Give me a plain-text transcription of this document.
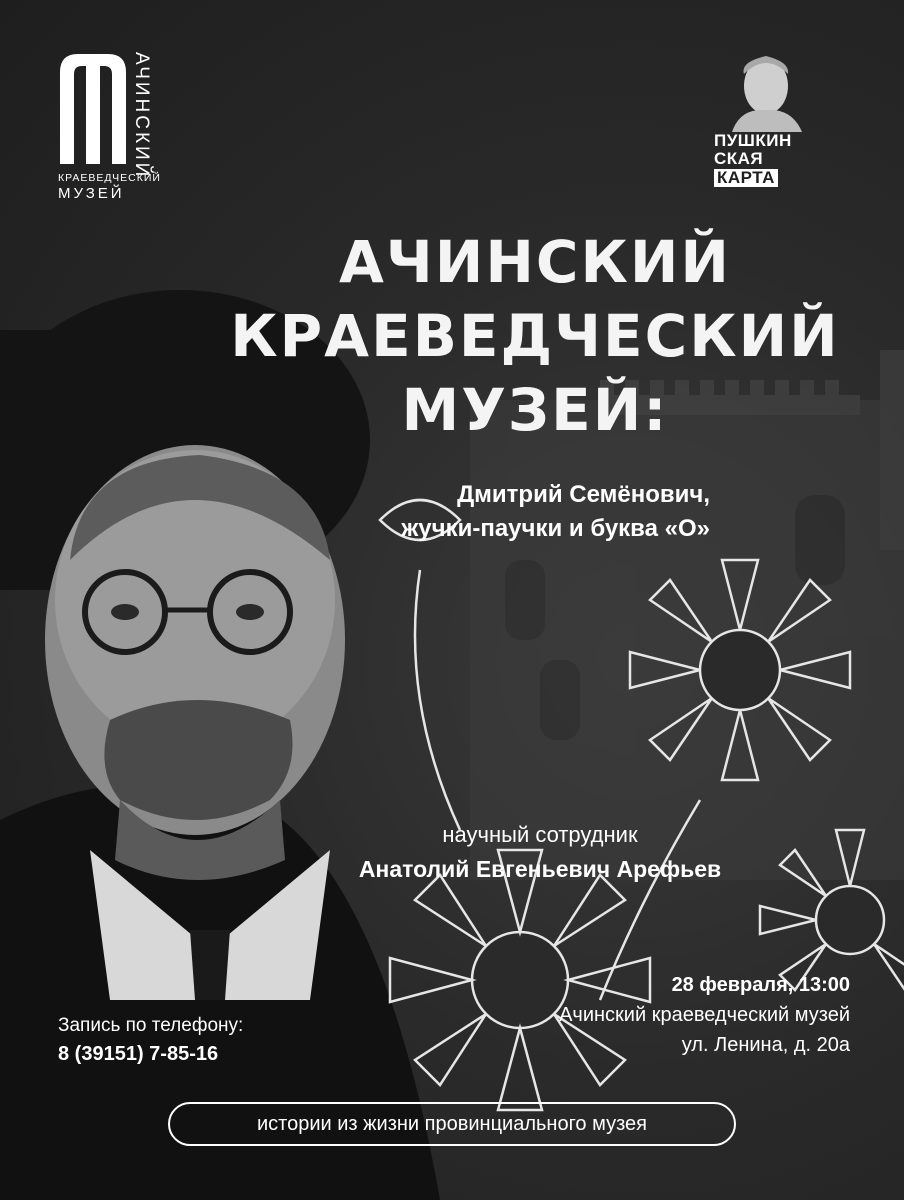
АЧИНСКИЙ
КРАЕВЕДЧЕСКИЙ
МУЗЕЙ
ПУШКИН
СКАЯ
КАРТА
АЧИНСКИЙ
КРАЕВЕДЧЕСКИЙ
МУЗЕЙ:
Дмитрий Семёнович,
жучки-паучки и буква «О»
научный сотрудник
Анатолий Евгеньевич Арефьев
28 февраля, 13:00
Ачинский краеведческий музей
ул. Ленина, д. 20а
Запись по телефону:
8 (39151) 7-85-16
истории из жизни провинциального музея
